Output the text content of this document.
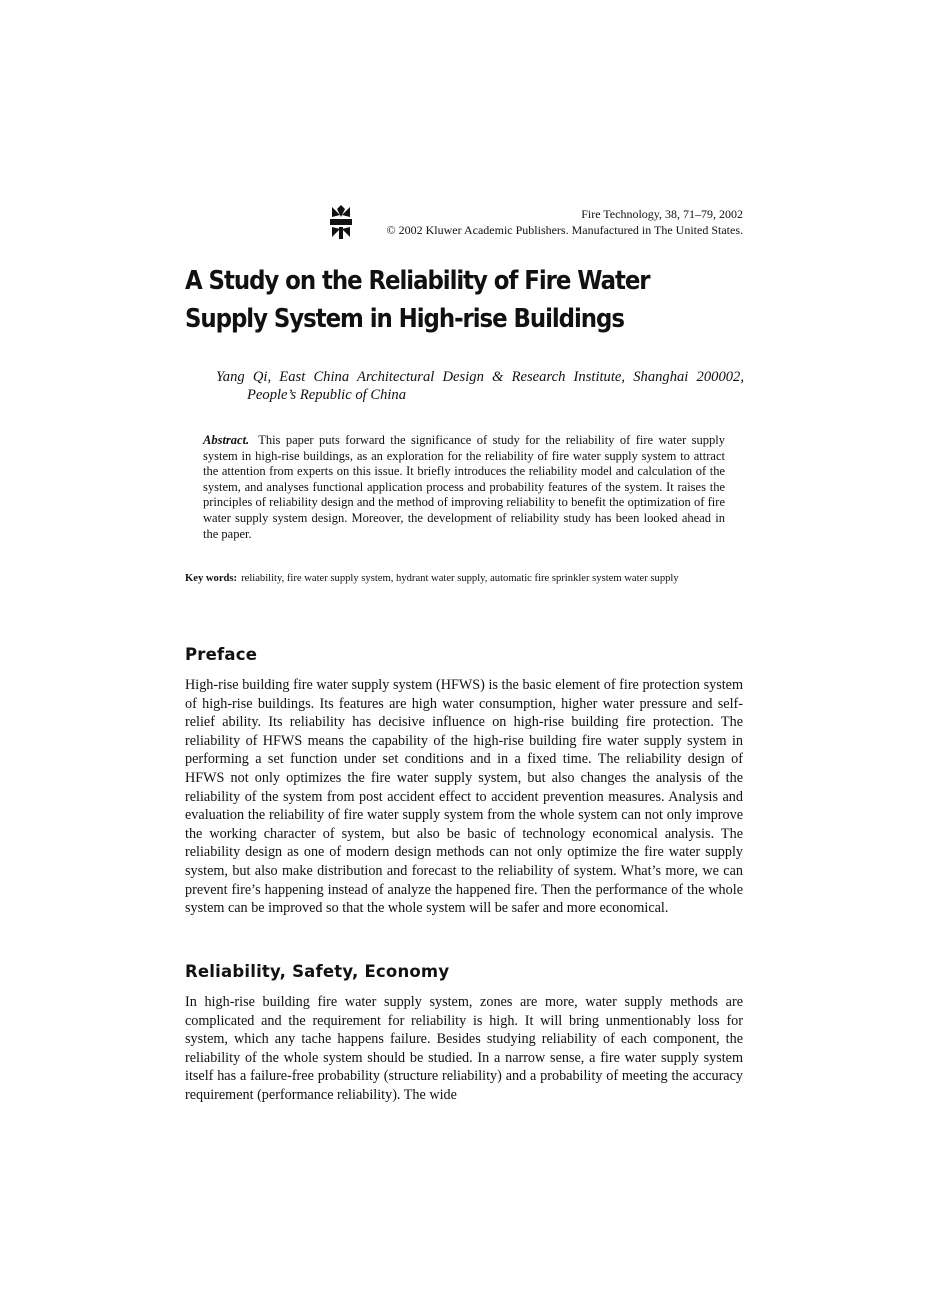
Fire Technology, 38, 71–79, 2002
© 2002 Kluwer Academic Publishers. Manufactured in The United States.
A Study on the Reliability of Fire Water
Supply System in High-rise Buildings
Yang Qi, East China Architectural Design & Research Institute, Shanghai 200002,
People’s Republic of China

Abstract. This paper puts forward the significance of study for the reliability of fire water supply system in high-rise buildings, as an exploration for the reliability of fire water supply system to attract the attention from experts on this issue. It briefly introduces the reliability model and calculation of the system, and analyses functional application process and probability features of the system. It raises the principles of reliability design and the method of improving reliability to benefit the optimization of fire water supply system design. Moreover, the development of reliability study has been looked ahead in the paper.

Key words: reliability, fire water supply system, hydrant water supply, automatic fire sprinkler system water supply

Preface

High-rise building fire water supply system (HFWS) is the basic element of fire protection system of high-rise buildings. Its features are high water consumption, higher water pressure and self-relief ability. Its reliability has decisive influence on high-rise building fire protection. The reliability of HFWS means the capability of the high-rise building fire water supply system in performing a set function under set conditions and in a fixed time. The reliability design of HFWS not only optimizes the fire water supply system, but also changes the analysis of the reliability of the system from post accident effect to accident prevention measures. Analysis and evaluation the reliability of fire water supply system from the whole system can not only improve the working character of system, but also be basic of technology economical analysis. The reliability design as one of modern design methods can not only optimize the fire water supply system, but also make distribution and forecast to the reliability of system. What’s more, we can prevent fire’s happening instead of analyze the happened fire. Then the performance of the whole system can be improved so that the whole system will be safer and more economical.

Reliability, Safety, Economy

In high-rise building fire water supply system, zones are more, water supply methods are complicated and the requirement for reliability is high. It will bring unmentionably loss for system, which any tache happens failure. Besides studying reliability of each component, the reliability of the whole system should be studied. In a narrow sense, a fire water supply system itself has a failure-free probability (structure reliability) and a probability of meeting the accuracy requirement (performance reliability). The wide
